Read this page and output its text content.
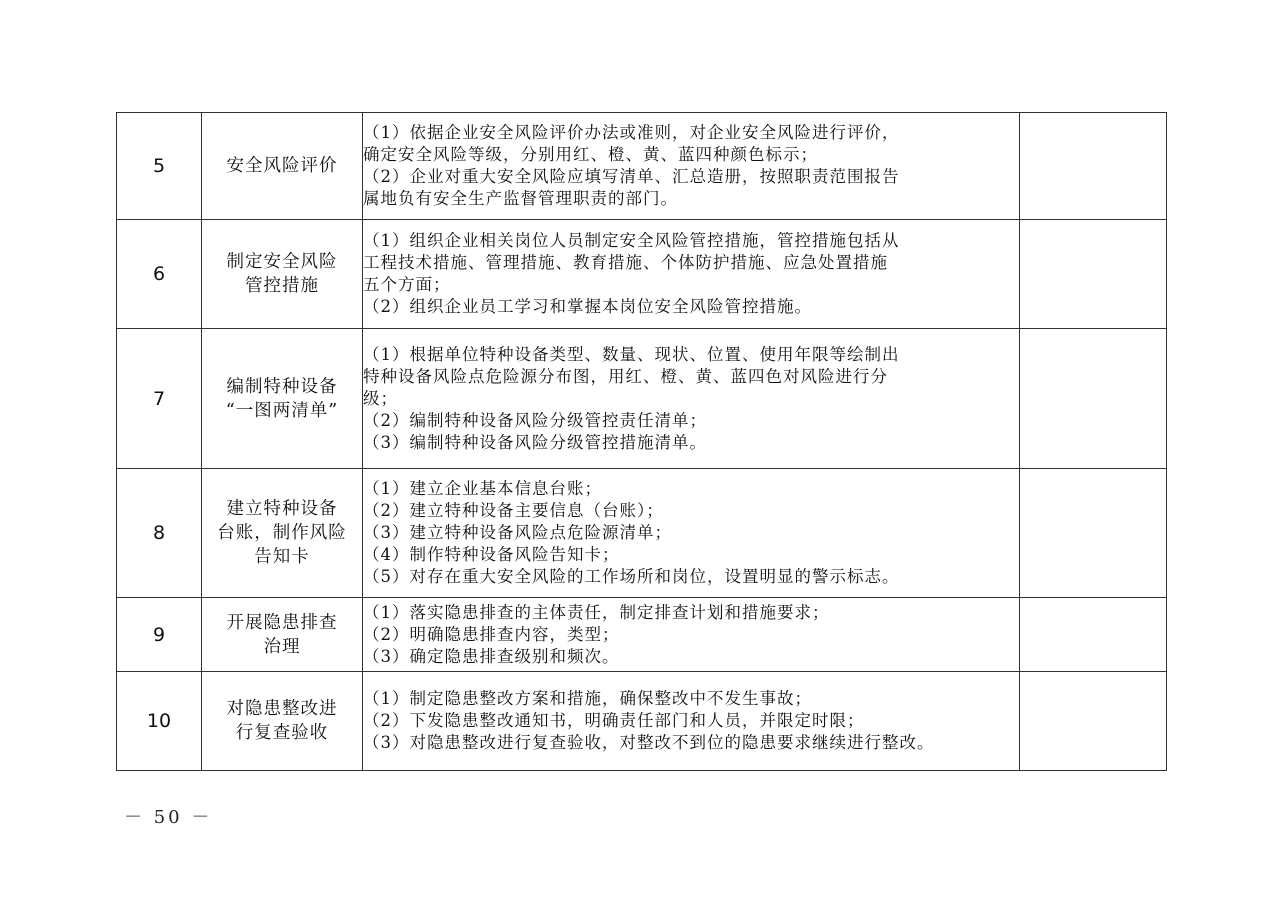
5	安全风险评价	（1）依据企业安全风险评价办法或准则，对企业安全风险进行评价，
确定安全风险等级，分别用红、橙、黄、蓝四种颜色标示；
（2）企业对重大安全风险应填写清单、汇总造册，按照职责范围报告
属地负有安全生产监督管理职责的部门。	

6	制定安全风险
管控措施	（1）组织企业相关岗位人员制定安全风险管控措施，管控措施包括从
工程技术措施、管理措施、教育措施、个体防护措施、应急处置措施
五个方面；
（2）组织企业员工学习和掌握本岗位安全风险管控措施。	

7	编制特种设备
“一图两清单”	（1）根据单位特种设备类型、数量、现状、位置、使用年限等绘制出
特种设备风险点危险源分布图，用红、橙、黄、蓝四色对风险进行分
级；
（2）编制特种设备风险分级管控责任清单；
（3）编制特种设备风险分级管控措施清单。	

8	建立特种设备
台账，制作风险
告知卡	（1）建立企业基本信息台账；
（2）建立特种设备主要信息（台账）；
（3）建立特种设备风险点危险源清单；
（4）制作特种设备风险告知卡；
（5）对存在重大安全风险的工作场所和岗位，设置明显的警示标志。	

9	开展隐患排查
治理	（1）落实隐患排查的主体责任，制定排查计划和措施要求；
（2）明确隐患排查内容，类型；
（3）确定隐患排查级别和频次。	

10	对隐患整改进
行复查验收	（1）制定隐患整改方案和措施，确保整改中不发生事故；
（2）下发隐患整改通知书，明确责任部门和人员，并限定时限；
（3）对隐患整改进行复查验收，对整改不到位的隐患要求继续进行整改。	

－ 50 －
